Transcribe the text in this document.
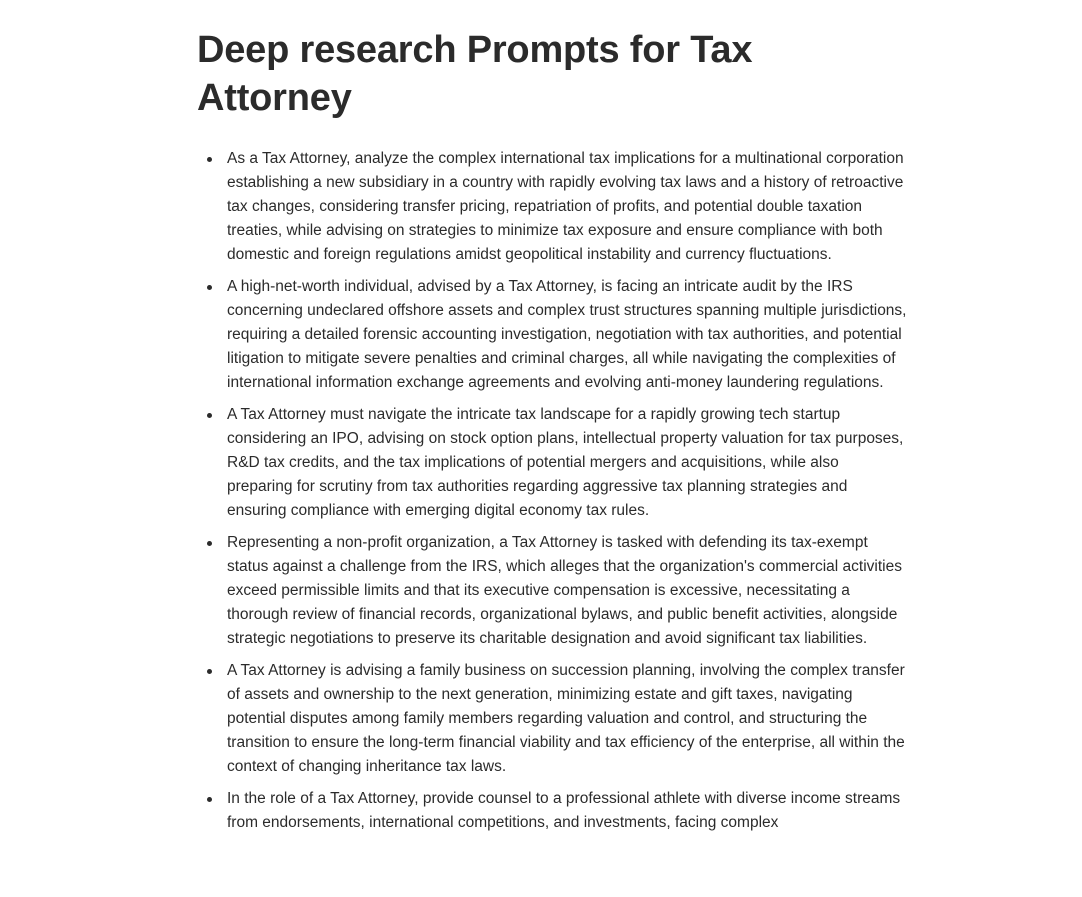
Deep research Prompts for Tax Attorney
As a Tax Attorney, analyze the complex international tax implications for a multinational corporation establishing a new subsidiary in a country with rapidly evolving tax laws and a history of retroactive tax changes, considering transfer pricing, repatriation of profits, and potential double taxation treaties, while advising on strategies to minimize tax exposure and ensure compliance with both domestic and foreign regulations amidst geopolitical instability and currency fluctuations.
A high-net-worth individual, advised by a Tax Attorney, is facing an intricate audit by the IRS concerning undeclared offshore assets and complex trust structures spanning multiple jurisdictions, requiring a detailed forensic accounting investigation, negotiation with tax authorities, and potential litigation to mitigate severe penalties and criminal charges, all while navigating the complexities of international information exchange agreements and evolving anti-money laundering regulations.
A Tax Attorney must navigate the intricate tax landscape for a rapidly growing tech startup considering an IPO, advising on stock option plans, intellectual property valuation for tax purposes, R&D tax credits, and the tax implications of potential mergers and acquisitions, while also preparing for scrutiny from tax authorities regarding aggressive tax planning strategies and ensuring compliance with emerging digital economy tax rules.
Representing a non-profit organization, a Tax Attorney is tasked with defending its tax-exempt status against a challenge from the IRS, which alleges that the organization's commercial activities exceed permissible limits and that its executive compensation is excessive, necessitating a thorough review of financial records, organizational bylaws, and public benefit activities, alongside strategic negotiations to preserve its charitable designation and avoid significant tax liabilities.
A Tax Attorney is advising a family business on succession planning, involving the complex transfer of assets and ownership to the next generation, minimizing estate and gift taxes, navigating potential disputes among family members regarding valuation and control, and structuring the transition to ensure the long-term financial viability and tax efficiency of the enterprise, all within the context of changing inheritance tax laws.
In the role of a Tax Attorney, provide counsel to a professional athlete with diverse income streams from endorsements, international competitions, and investments, facing complex
